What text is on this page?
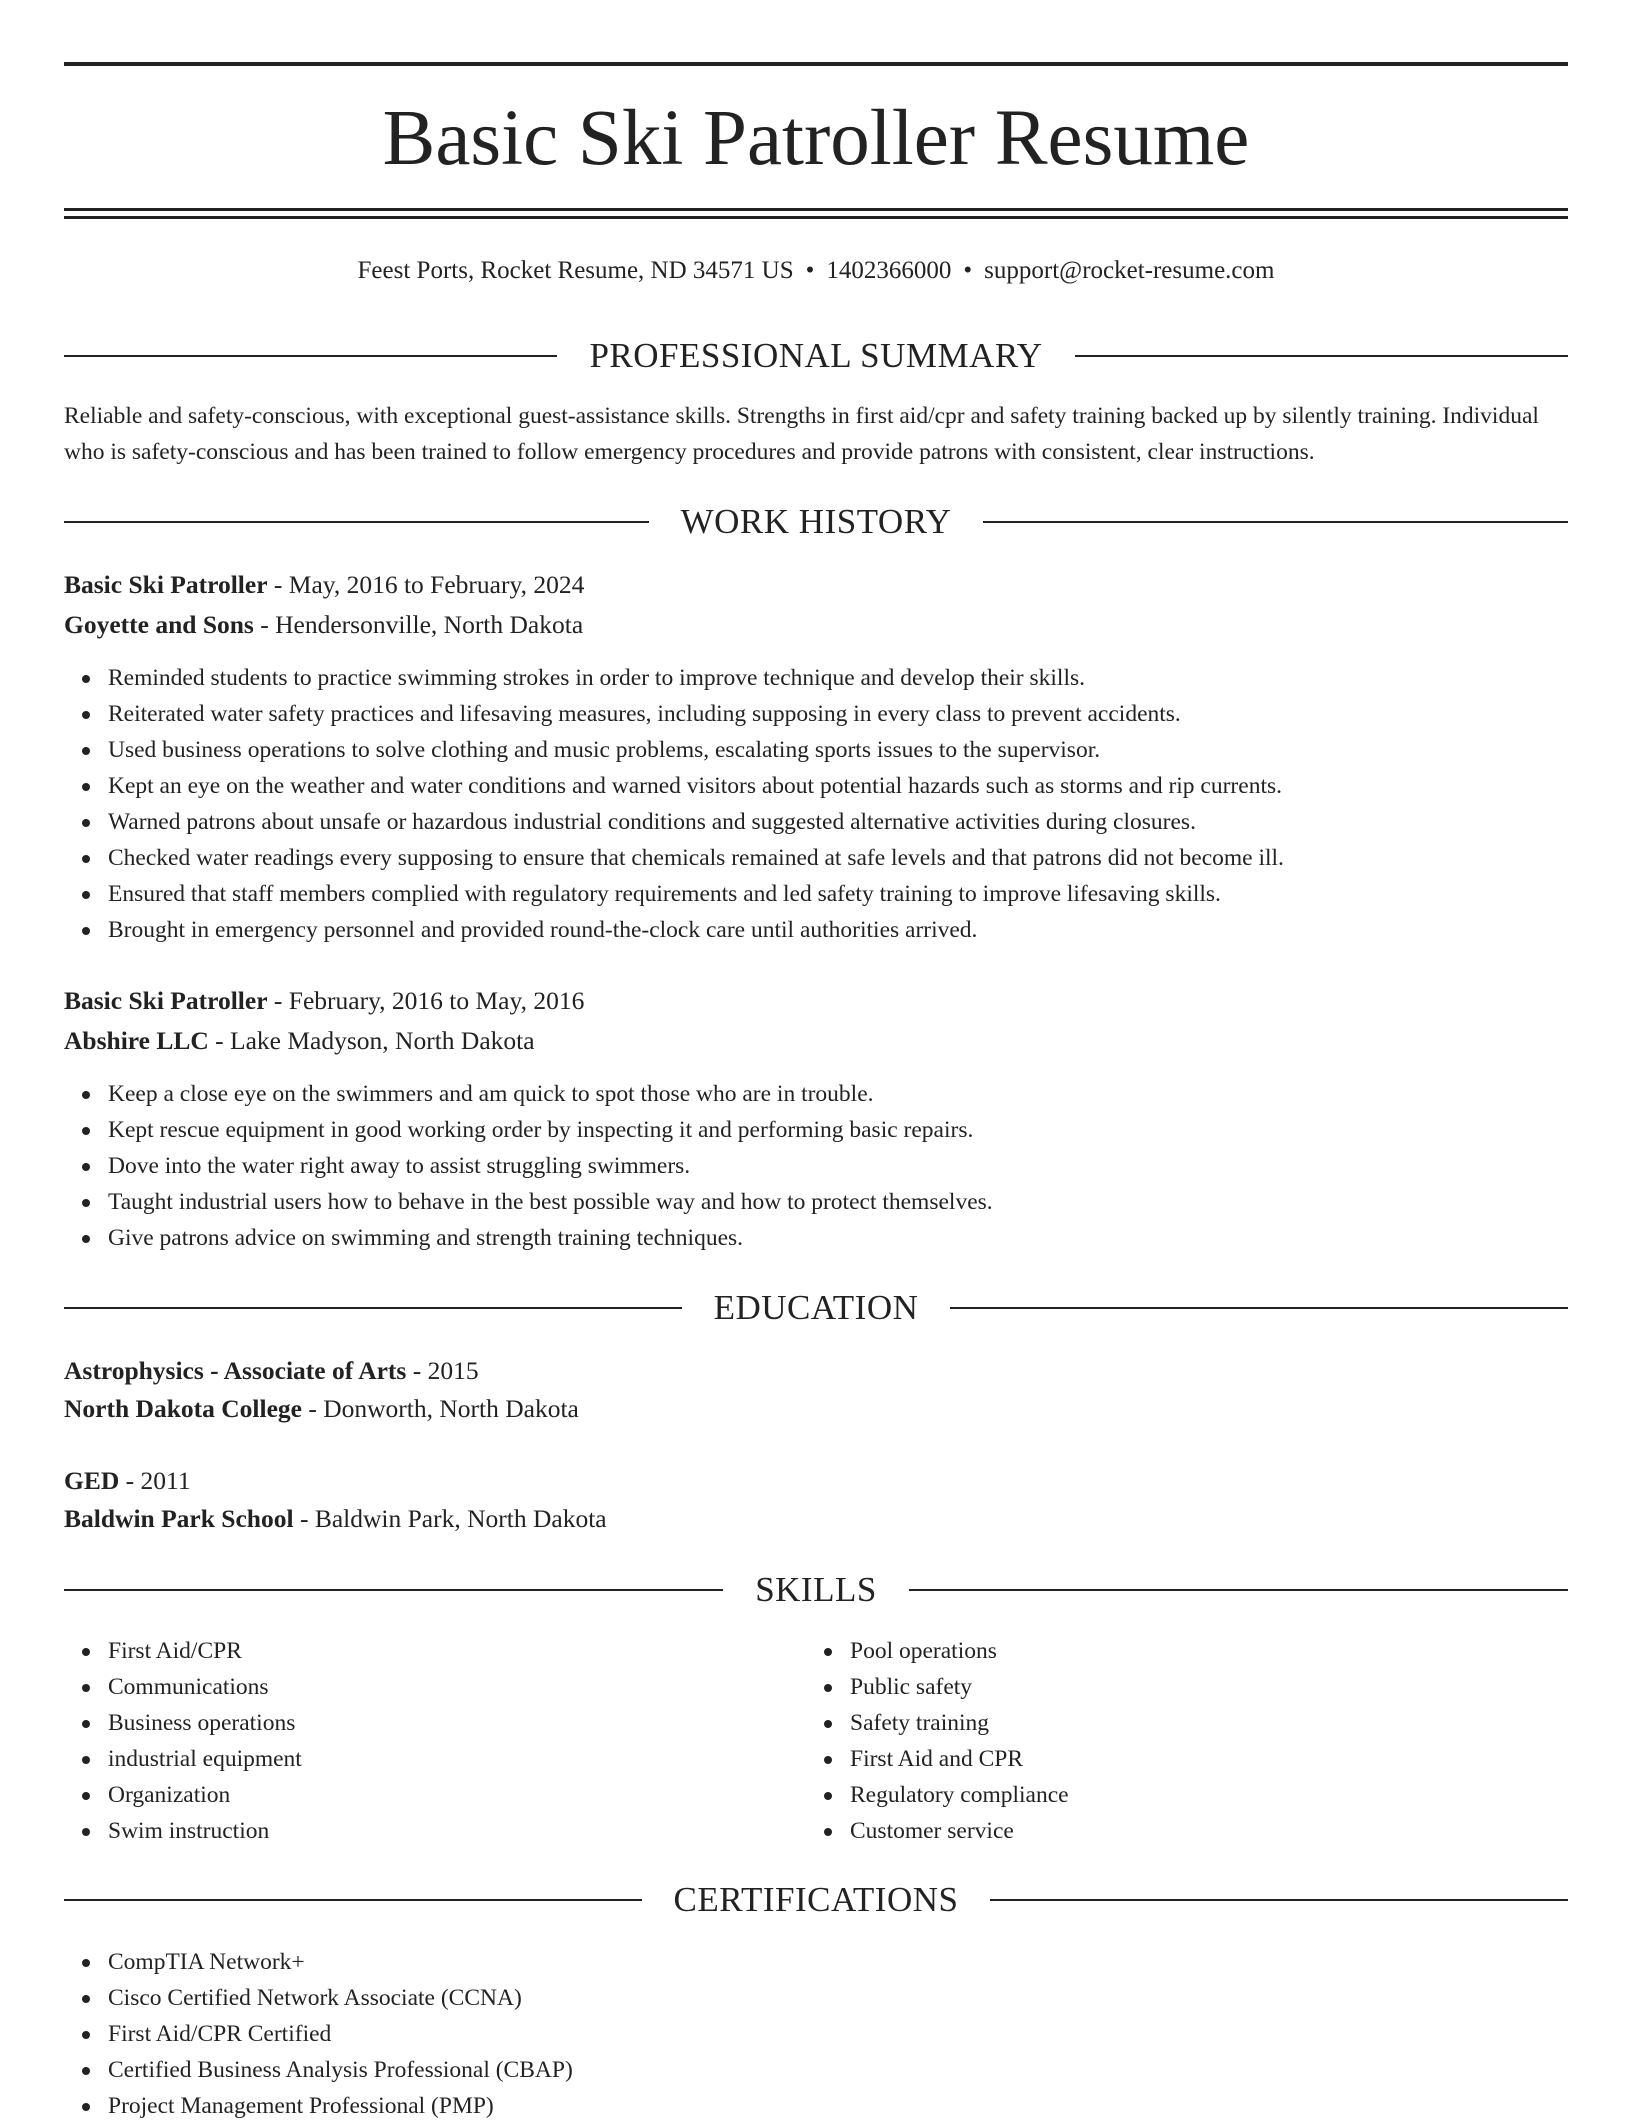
Basic Ski Patroller Resume
Feest Ports, Rocket Resume, ND 34571 US • 1402366000 • support@rocket-resume.com
PROFESSIONAL SUMMARY

Reliable and safety-conscious, with exceptional guest-assistance skills. Strengths in first aid/cpr and safety training backed up by silently training. Individual who is safety-conscious and has been trained to follow emergency procedures and provide patrons with consistent, clear instructions.

WORK HISTORY
Basic Ski Patroller - May, 2016 to February, 2024
Goyette and Sons - Hendersonville, North Dakota
Reminded students to practice swimming strokes in order to improve technique and develop their skills.
Reiterated water safety practices and lifesaving measures, including supposing in every class to prevent accidents.
Used business operations to solve clothing and music problems, escalating sports issues to the supervisor.
Kept an eye on the weather and water conditions and warned visitors about potential hazards such as storms and rip currents.
Warned patrons about unsafe or hazardous industrial conditions and suggested alternative activities during closures.
Checked water readings every supposing to ensure that chemicals remained at safe levels and that patrons did not become ill.
Ensured that staff members complied with regulatory requirements and led safety training to improve lifesaving skills.
Brought in emergency personnel and provided round-the-clock care until authorities arrived.
Basic Ski Patroller - February, 2016 to May, 2016
Abshire LLC - Lake Madyson, North Dakota
Keep a close eye on the swimmers and am quick to spot those who are in trouble.
Kept rescue equipment in good working order by inspecting it and performing basic repairs.
Dove into the water right away to assist struggling swimmers.
Taught industrial users how to behave in the best possible way and how to protect themselves.
Give patrons advice on swimming and strength training techniques.
EDUCATION
Astrophysics - Associate of Arts - 2015
North Dakota College - Donworth, North Dakota
GED - 2011
Baldwin Park School - Baldwin Park, North Dakota
SKILLS
First Aid/CPR
Communications
Business operations
industrial equipment
Organization
Swim instruction
Pool operations
Public safety
Safety training
First Aid and CPR
Regulatory compliance
Customer service
CERTIFICATIONS
CompTIA Network+
Cisco Certified Network Associate (CCNA)
First Aid/CPR Certified
Certified Business Analysis Professional (CBAP)
Project Management Professional (PMP)
